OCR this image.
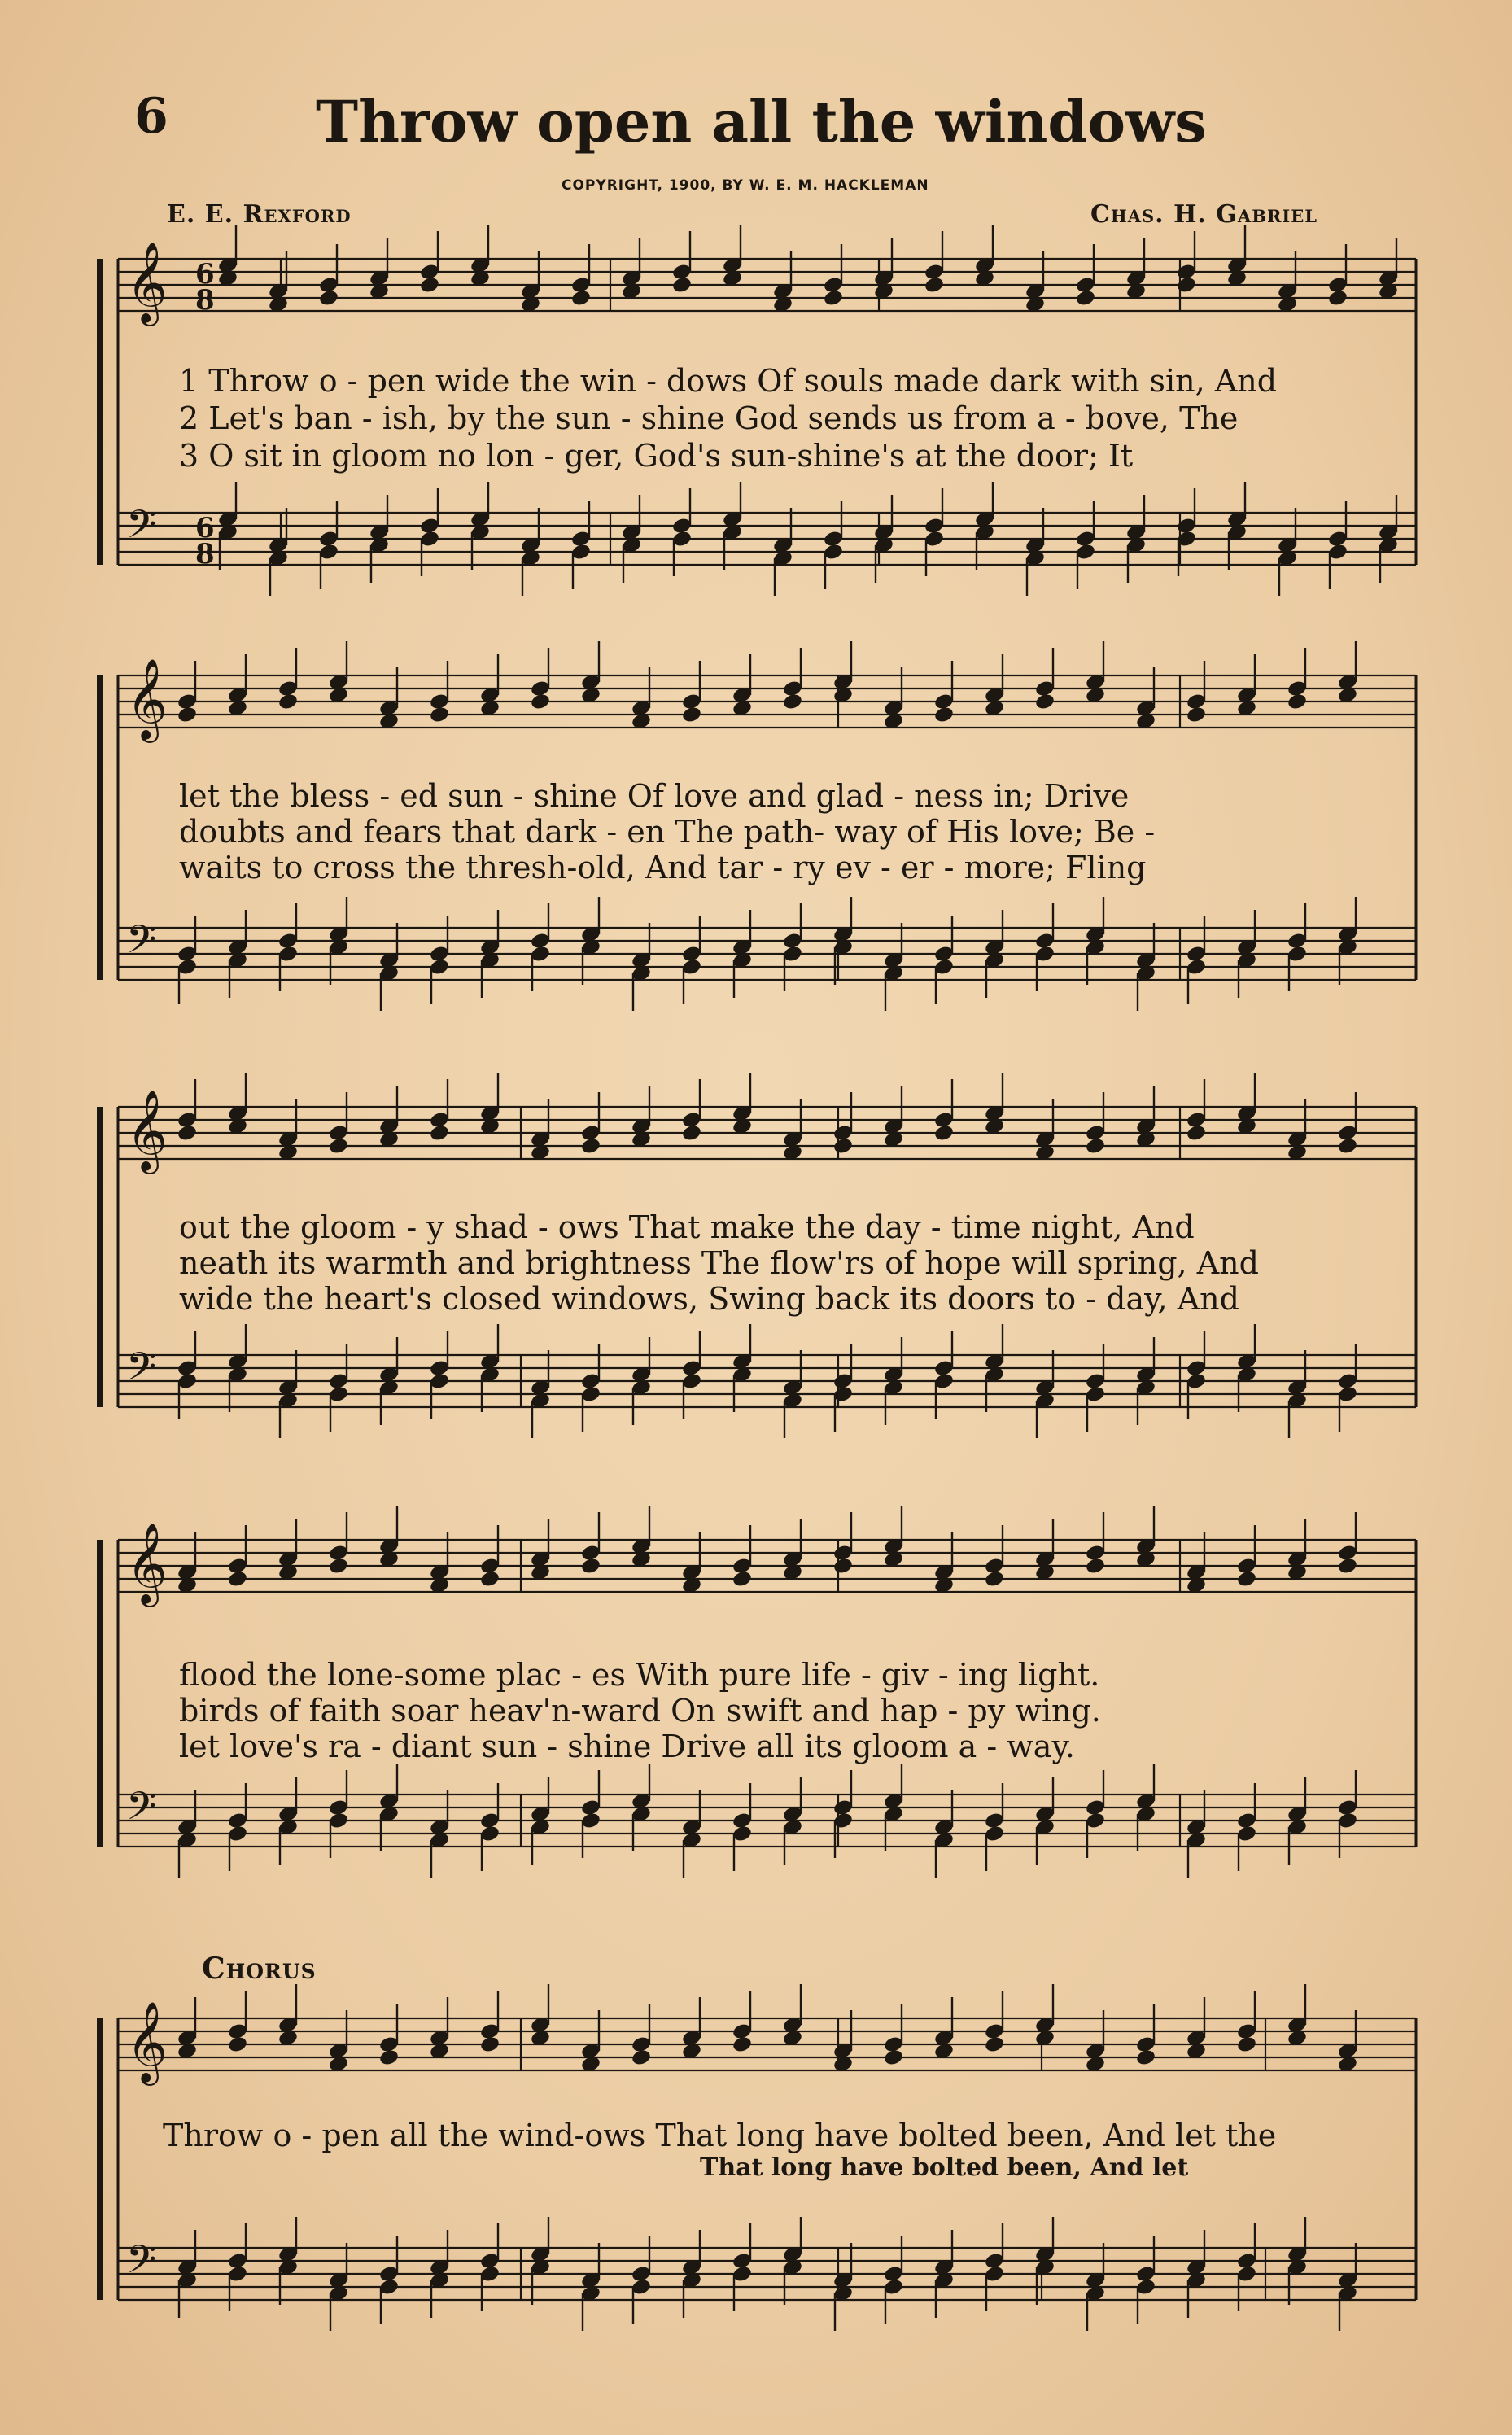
6	Throw open all the windows
COPYRIGHT, 1900, BY W. E. M. HACKLEMAN
E. E. Rexford	Chas. H. Gabriel
𝄞
𝄢
6
8
6
8
𝄞
𝄢
𝄞
𝄢
𝄞
𝄢
𝄞
𝄢
1 Throw o - pen wide the win - dows Of souls made dark with sin, And
2 Let's ban - ish, by the sun - shine God sends us from a - bove, The
3 O sit in gloom no lon - ger, God's sun-shine's at the door; It
let the bless - ed sun - shine Of love and glad - ness in; Drive
doubts and fears that dark - en The path- way of His love; Be -
waits to cross the thresh-old, And tar - ry ev - er - more; Fling
out the gloom - y shad - ows That make the day - time night, And
neath its warmth and brightness The flow'rs of hope will spring, And
wide the heart's closed windows, Swing back its doors to - day, And
flood the lone-some plac - es With pure life - giv - ing light.
birds of faith soar heav'n-ward On swift and hap - py wing.
let love's ra - diant sun - shine Drive all its gloom a - way.
Chorus
Throw o - pen all the wind-ows That long have bolted been, And let the
That long have bolted been, And let
